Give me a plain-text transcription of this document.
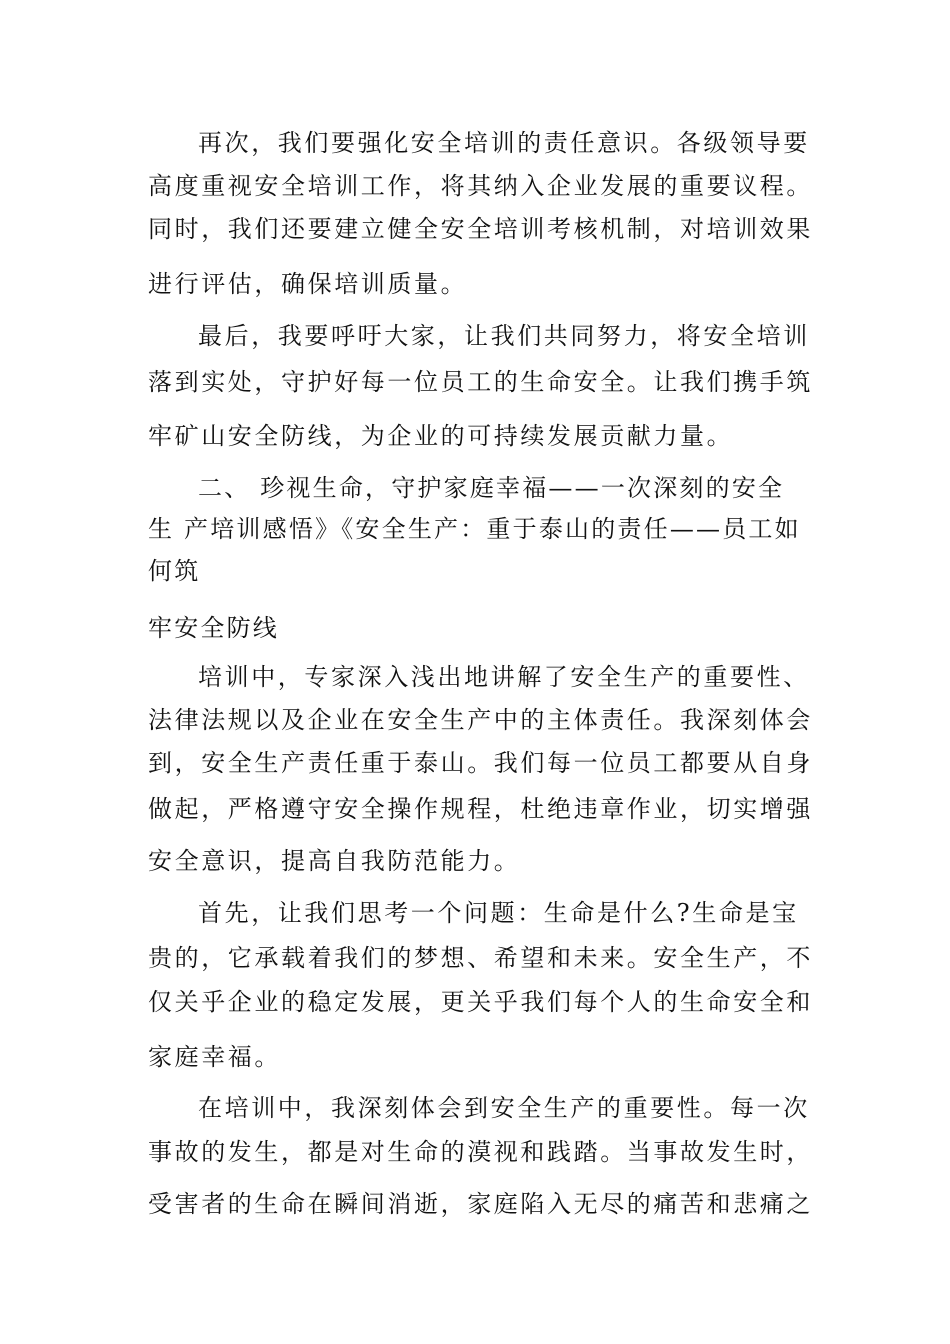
再次，我们要强化安全培训的责任意识。各级领导要
高度重视安全培训工作，将其纳入企业发展的重要议程。
同时，我们还要建立健全安全培训考核机制，对培训效果
进行评估，确保培训质量。
最后，我要呼吁大家，让我们共同努力，将安全培训
落到实处，守护好每一位员工的生命安全。让我们携手筑
牢矿山安全防线，为企业的可持续发展贡献力量。
二、 珍视生命，守护家庭幸福——一次深刻的安全
生 产培训感悟》《安全生产：重于泰山的责任——员工如
何筑
牢安全防线
培训中，专家深入浅出地讲解了安全生产的重要性、
法律法规以及企业在安全生产中的主体责任。我深刻体会
到，安全生产责任重于泰山。我们每一位员工都要从自身
做起，严格遵守安全操作规程，杜绝违章作业，切实增强
安全意识，提高自我防范能力。
首先，让我们思考一个问题：生命是什么?生命是宝
贵的，它承载着我们的梦想、希望和未来。安全生产，不
仅关乎企业的稳定发展，更关乎我们每个人的生命安全和
家庭幸福。
在培训中，我深刻体会到安全生产的重要性。每一次
事故的发生，都是对生命的漠视和践踏。当事故发生时，
受害者的生命在瞬间消逝，家庭陷入无尽的痛苦和悲痛之
